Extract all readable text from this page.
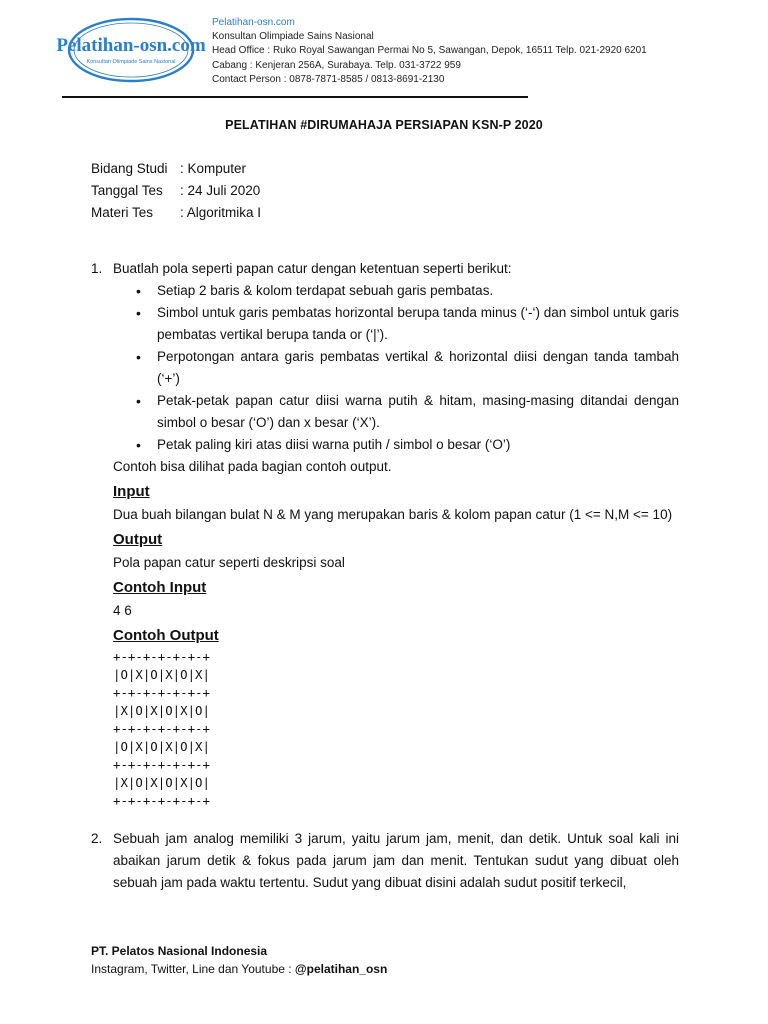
Pelatihan-osn.com
Konsultan Olimpiade Sains Nasional
Pelatihan-osn.com
Konsultan Olimpiade Sains Nasional
Head Office : Ruko Royal Sawangan Permai No 5, Sawangan, Depok, 16511 Telp. 021-2920 6201
Cabang : Kenjeran 256A, Surabaya. Telp. 031-3722 959
Contact Person : 0878-7871-8585 / 0813-8691-2130
PELATIHAN #DIRUMAHAJA PERSIAPAN KSN-P 2020
Bidang Studi : Komputer
Tanggal Tes	: 24 Juli 2020
Materi Tes	: Algoritmika I
1. Buatlah pola seperti papan catur dengan ketentuan seperti berikut:
• Setiap 2 baris & kolom terdapat sebuah garis pembatas.
• Simbol untuk garis pembatas horizontal berupa tanda minus (‘-‘) dan simbol untuk garis pembatas vertikal berupa tanda or (‘|’).
• Perpotongan antara garis pembatas vertikal & horizontal diisi dengan tanda tambah (‘+’)
• Petak-petak papan catur diisi warna putih & hitam, masing-masing ditandai dengan simbol o besar (‘O’) dan x besar (‘X’).
• Petak paling kiri atas diisi warna putih / simbol o besar (‘O’)
Contoh bisa dilihat pada bagian contoh output.
Input
Dua buah bilangan bulat N & M yang merupakan baris & kolom papan catur (1 <= N,M <= 10)
Output
Pola papan catur seperti deskripsi soal
Contoh Input
4 6
Contoh Output
+-+-+-+-+-+-+
|O|X|O|X|O|X|
+-+-+-+-+-+-+
|X|O|X|O|X|O|
+-+-+-+-+-+-+
|O|X|O|X|O|X|
+-+-+-+-+-+-+
|X|O|X|O|X|O|
+-+-+-+-+-+-+
2. Sebuah jam analog memiliki 3 jarum, yaitu jarum jam, menit, dan detik. Untuk soal kali ini abaikan jarum detik & fokus pada jarum jam dan menit. Tentukan sudut yang dibuat oleh sebuah jam pada waktu tertentu. Sudut yang dibuat disini adalah sudut positif terkecil,
PT. Pelatos Nasional Indonesia
Instagram, Twitter, Line dan Youtube : @pelatihan_osn
